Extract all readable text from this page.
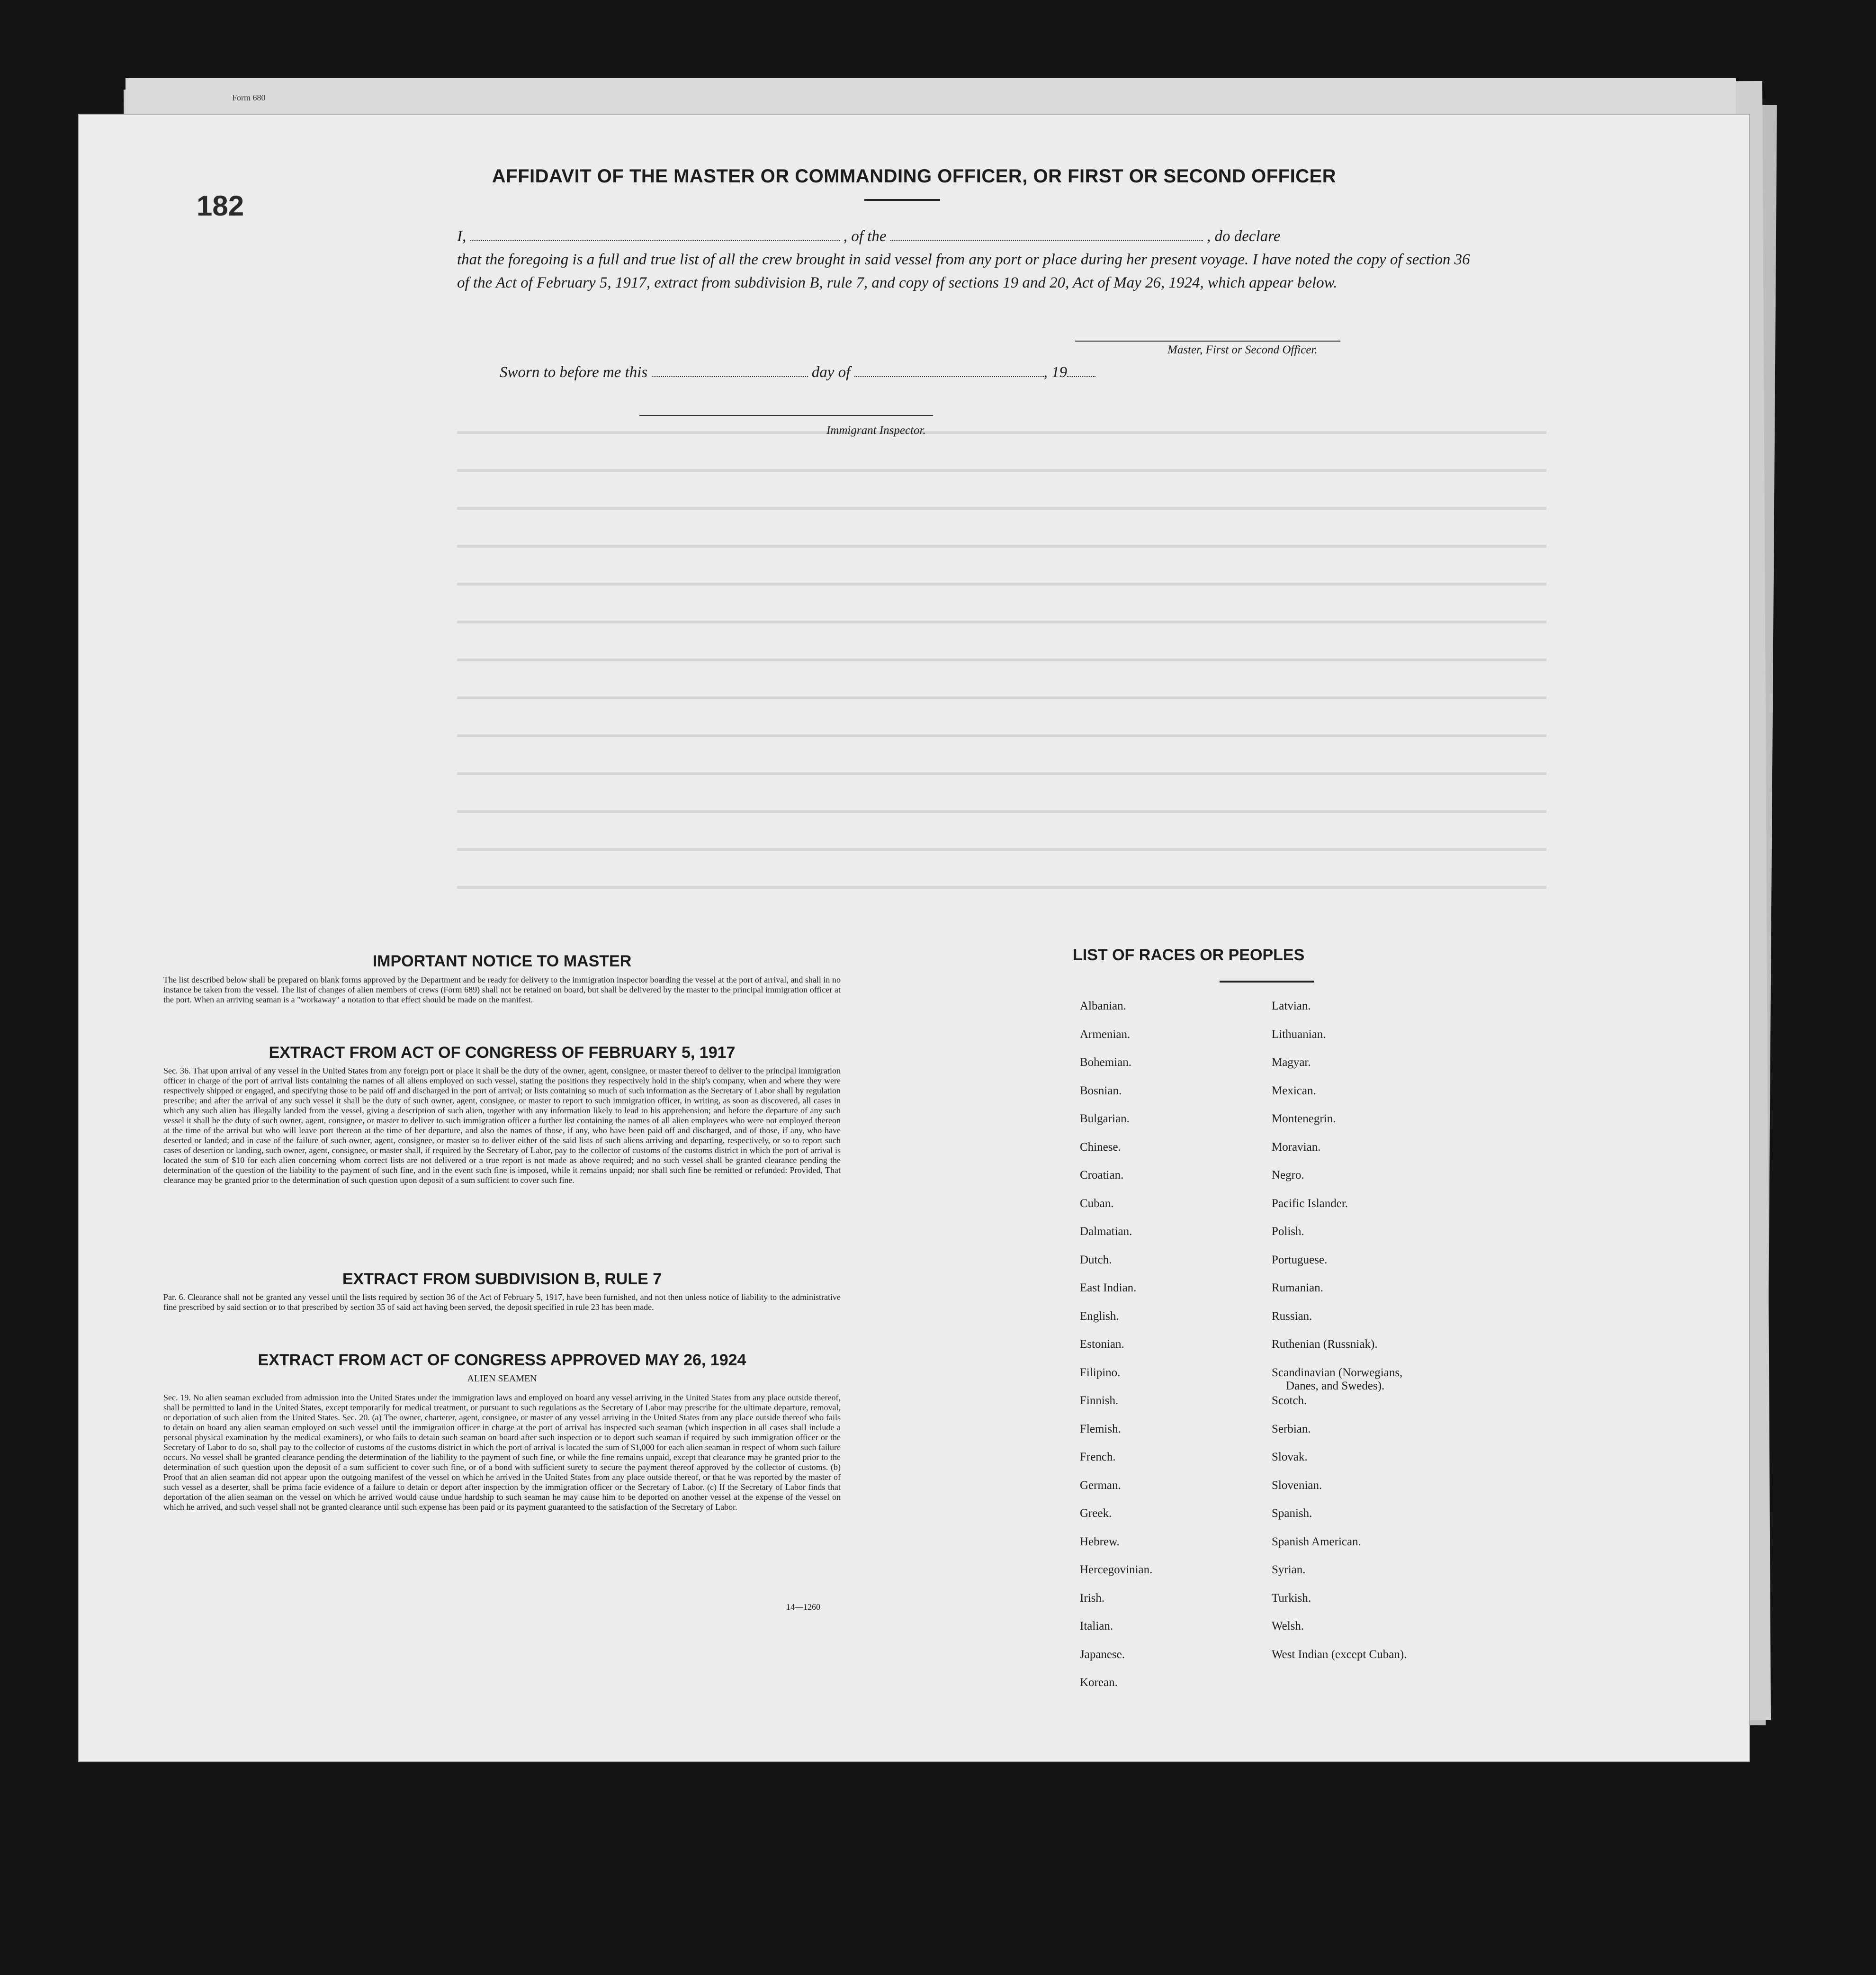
Form 680
182
AFFIDAVIT OF THE MASTER OR COMMANDING OFFICER, OR FIRST OR SECOND OFFICER
I,	, of the	, do declare
that the foregoing is a full and true list of all the crew brought in said vessel from any port or place during her present voyage. I have noted the copy of section 36 of the Act of February 5, 1917, extract from subdivision B, rule 7, and copy of sections 19 and 20, Act of May 26, 1924, which appear below.
Master, First or Second Officer.
Sworn to before me this	day of	, 19
Immigrant Inspector.
IMPORTANT NOTICE TO MASTER
The list described below shall be prepared on blank forms approved by the Department and be ready for delivery to the immigration inspector boarding the vessel at the port of arrival, and shall in no instance be taken from the vessel. The list of changes of alien members of crews (Form 689) shall not be retained on board, but shall be delivered by the master to the principal immigration officer at the port. When an arriving seaman is a "workaway" a notation to that effect should be made on the manifest.
EXTRACT FROM ACT OF CONGRESS OF FEBRUARY 5, 1917
Sec. 36. That upon arrival of any vessel in the United States from any foreign port or place it shall be the duty of the owner, agent, consignee, or master thereof to deliver to the principal immigration officer in charge of the port of arrival lists containing the names of all aliens employed on such vessel, stating the positions they respectively hold in the ship's company, when and where they were respectively shipped or engaged, and specifying those to be paid off and discharged in the port of arrival; or lists containing so much of such information as the Secretary of Labor shall by regulation prescribe; and after the arrival of any such vessel it shall be the duty of such owner, agent, consignee, or master to report to such immigration officer, in writing, as soon as discovered, all cases in which any such alien has illegally landed from the vessel, giving a description of such alien, together with any information likely to lead to his apprehension; and before the departure of any such vessel it shall be the duty of such owner, agent, consignee, or master to deliver to such immigration officer a further list containing the names of all alien employees who were not employed thereon at the time of the arrival but who will leave port thereon at the time of her departure, and also the names of those, if any, who have been paid off and discharged, and of those, if any, who have deserted or landed; and in case of the failure of such owner, agent, consignee, or master so to deliver either of the said lists of such aliens arriving and departing, respectively, or so to report such cases of desertion or landing, such owner, agent, consignee, or master shall, if required by the Secretary of Labor, pay to the collector of customs of the customs district in which the port of arrival is located the sum of $10 for each alien concerning whom correct lists are not delivered or a true report is not made as above required; and no such vessel shall be granted clearance pending the determination of the question of the liability to the payment of such fine, and in the event such fine is imposed, while it remains unpaid; nor shall such fine be remitted or refunded: Provided, That clearance may be granted prior to the determination of such question upon deposit of a sum sufficient to cover such fine.
EXTRACT FROM SUBDIVISION B, RULE 7
Par. 6. Clearance shall not be granted any vessel until the lists required by section 36 of the Act of February 5, 1917, have been furnished, and not then unless notice of liability to the administrative fine prescribed by said section or to that prescribed by section 35 of said act having been served, the deposit specified in rule 23 has been made.
EXTRACT FROM ACT OF CONGRESS APPROVED MAY 26, 1924
ALIEN SEAMEN
Sec. 19. No alien seaman excluded from admission into the United States under the immigration laws and employed on board any vessel arriving in the United States from any place outside thereof, shall be permitted to land in the United States, except temporarily for medical treatment, or pursuant to such regulations as the Secretary of Labor may prescribe for the ultimate departure, removal, or deportation of such alien from the United States. Sec. 20. (a) The owner, charterer, agent, consignee, or master of any vessel arriving in the United States from any place outside thereof who fails to detain on board any alien seaman employed on such vessel until the immigration officer in charge at the port of arrival has inspected such seaman (which inspection in all cases shall include a personal physical examination by the medical examiners), or who fails to detain such seaman on board after such inspection or to deport such seaman if required by such immigration officer or the Secretary of Labor to do so, shall pay to the collector of customs of the customs district in which the port of arrival is located the sum of $1,000 for each alien seaman in respect of whom such failure occurs. No vessel shall be granted clearance pending the determination of the liability to the payment of such fine, or while the fine remains unpaid, except that clearance may be granted prior to the determination of such question upon the deposit of a sum sufficient to cover such fine, or of a bond with sufficient surety to secure the payment thereof approved by the collector of customs. (b) Proof that an alien seaman did not appear upon the outgoing manifest of the vessel on which he arrived in the United States from any place outside thereof, or that he was reported by the master of such vessel as a deserter, shall be prima facie evidence of a failure to detain or deport after inspection by the immigration officer or the Secretary of Labor. (c) If the Secretary of Labor finds that deportation of the alien seaman on the vessel on which he arrived would cause undue hardship to such seaman he may cause him to be deported on another vessel at the expense of the vessel on which he arrived, and such vessel shall not be granted clearance until such expense has been paid or its payment guaranteed to the satisfaction of the Secretary of Labor.
14—1260
LIST OF RACES OR PEOPLES
Albanian.
Armenian.
Bohemian.
Bosnian.
Bulgarian.
Chinese.
Croatian.
Cuban.
Dalmatian.
Dutch.
East Indian.
English.
Estonian.
Filipino.
Finnish.
Flemish.
French.
German.
Greek.
Hebrew.
Hercegovinian.
Irish.
Italian.
Japanese.
Korean.
Latvian.
Lithuanian.
Magyar.
Mexican.
Montenegrin.
Moravian.
Negro.
Pacific Islander.
Polish.
Portuguese.
Rumanian.
Russian.
Ruthenian (Russniak).
Scandinavian (Norwegians,
Danes, and Swedes).
Scotch.
Serbian.
Slovak.
Slovenian.
Spanish.
Spanish American.
Syrian.
Turkish.
Welsh.
West Indian (except Cuban).
